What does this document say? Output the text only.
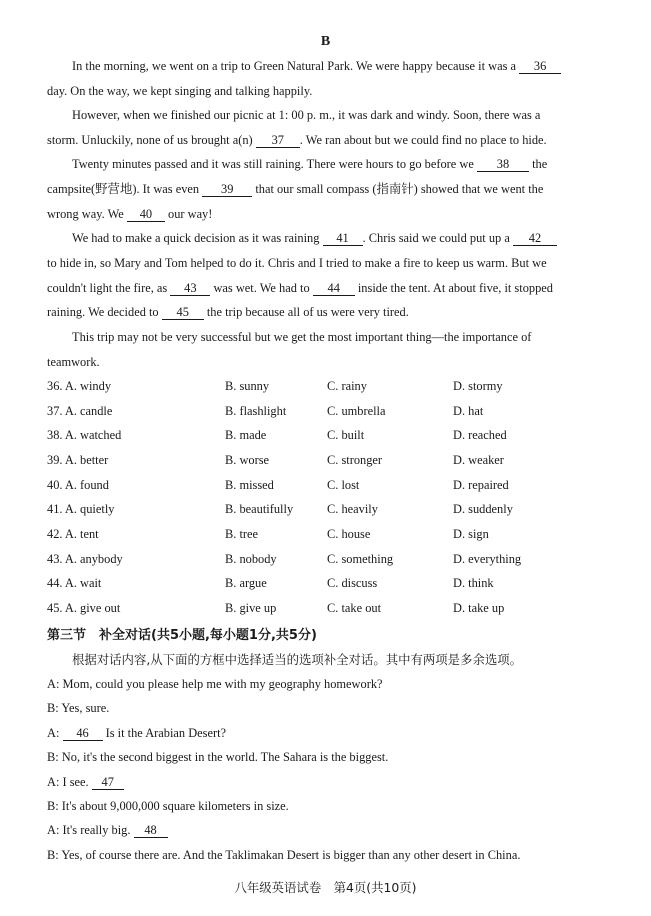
B
In the morning, we went on a trip to Green Natural Park. We were happy because it was a 36
day. On the way, we kept singing and talking happily.
However, when we finished our picnic at 1: 00 p. m., it was dark and windy. Soon, there was a
storm. Unluckily, none of us brought a(n) 37 . We ran about but we could find no place to hide.
Twenty minutes passed and it was still raining. There were hours to go before we 38 the
campsite(野营地). It was even 39 that our small compass (指南针) showed that we went the
wrong way. We 40 our way!
We had to make a quick decision as it was raining 41 . Chris said we could put up a 42
to hide in, so Mary and Tom helped to do it. Chris and I tried to make a fire to keep us warm. But we
couldn't light the fire, as 43 was wet. We had to 44 inside the tent. At about five, it stopped
raining. We decided to 45 the trip because all of us were very tired.
This trip may not be very successful but we get the most important thing—the importance of
teamwork.
36. A. windy	B. sunny	C. rainy	D. stormy
37. A. candle	B. flashlight	C. umbrella	D. hat
38. A. watched	B. made	C. built	D. reached
39. A. better	B. worse	C. stronger	D. weaker
40. A. found	B. missed	C. lost	D. repaired
41. A. quietly	B. beautifully	C. heavily	D. suddenly
42. A. tent	B. tree	C. house	D. sign
43. A. anybody	B. nobody	C. something	D. everything
44. A. wait	B. argue	C. discuss	D. think
45. A. give out	B. give up	C. take out	D. take up
第三节　补全对话(共5小题,每小题1分,共5分)
根据对话内容,从下面的方框中选择适当的选项补全对话。其中有两项是多余选项。
A: Mom, could you please help me with my geography homework?
B: Yes, sure.
A: 46 Is it the Arabian Desert?
B: No, it's the second biggest in the world. The Sahara is the biggest.
A: I see. 47
B: It's about 9,000,000 square kilometers in size.
A: It's really big. 48
B: Yes, of course there are. And the Taklimakan Desert is bigger than any other desert in China.
八年级英语试卷　第4页(共10页)
